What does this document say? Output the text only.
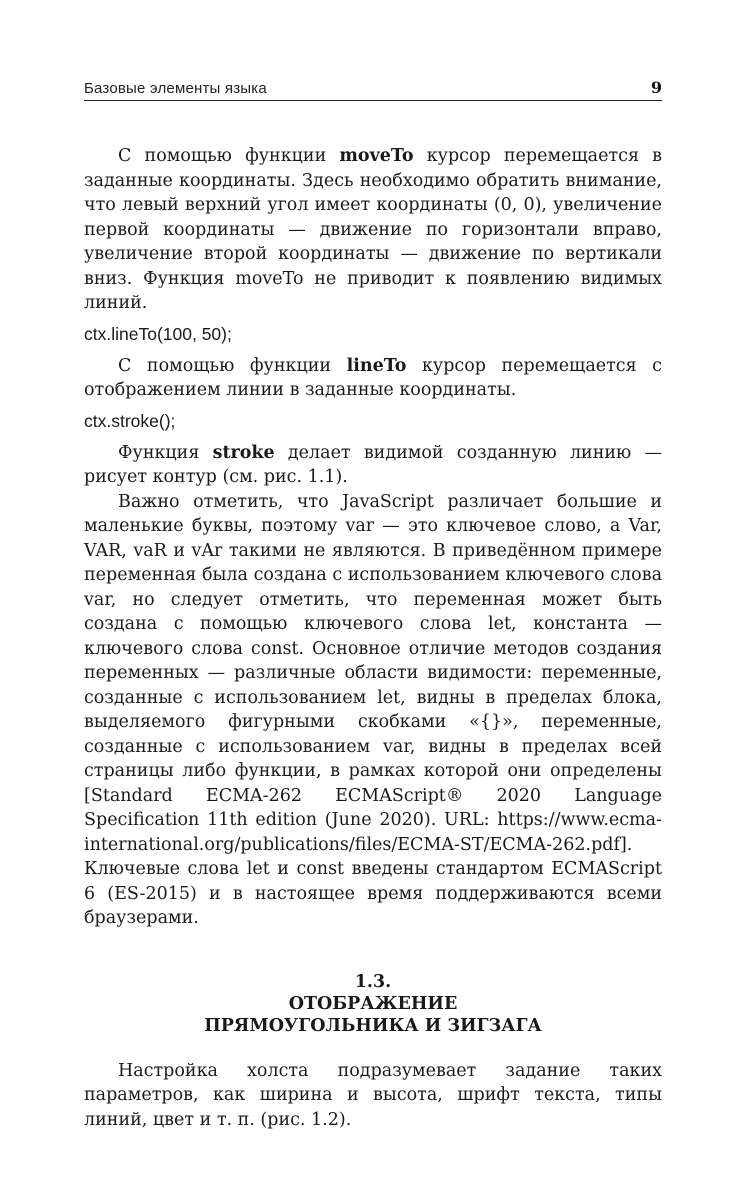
Базовые элементы языка	9

С помощью функции moveTo курсор перемещается в заданные координаты. Здесь необходимо обратить внимание, что левый верхний угол имеет координаты (0, 0), увеличение первой координаты — движение по горизонтали вправо, увеличение второй координаты — движение по вертикали вниз. Функция moveTo не приводит к появлению видимых линий.

ctx.lineTo(100, 50);

С помощью функции lineTo курсор перемещается с отображением линии в заданные координаты.

ctx.stroke();

Функция stroke делает видимой созданную линию — рисует контур (см. рис. 1.1).

Важно отметить, что JavaScript различает большие и маленькие буквы, поэтому var — это ключевое слово, а Var, VAR, vaR и vAr такими не являются. В приведённом примере переменная была создана с использованием ключевого слова var, но следует отметить, что переменная может быть создана с помощью ключевого слова let, константа — ключевого слова const. Основное отличие методов создания переменных — различные области видимости: переменные, созданные с использованием let, видны в пределах блока, выделяемого фигурными скобками «{}», переменные, созданные с использованием var, видны в пределах всей страницы либо функции, в рамках которой они определены [Standard ECMA-262 ECMAScript® 2020 Language Specification 11th edition (June 2020). URL: https://www.ecma-international.org/publications/files/ECMA-ST/ECMA-262.pdf]. Ключевые слова let и const введены стандартом ECMAScript 6 (ES-2015) и в настоящее время поддерживаются всеми браузерами.

1.3.
ОТОБРАЖЕНИЕ
ПРЯМОУГОЛЬНИКА И ЗИГЗАГА

Настройка холста подразумевает задание таких параметров, как ширина и высота, шрифт текста, типы линий, цвет и т. п. (рис. 1.2).
